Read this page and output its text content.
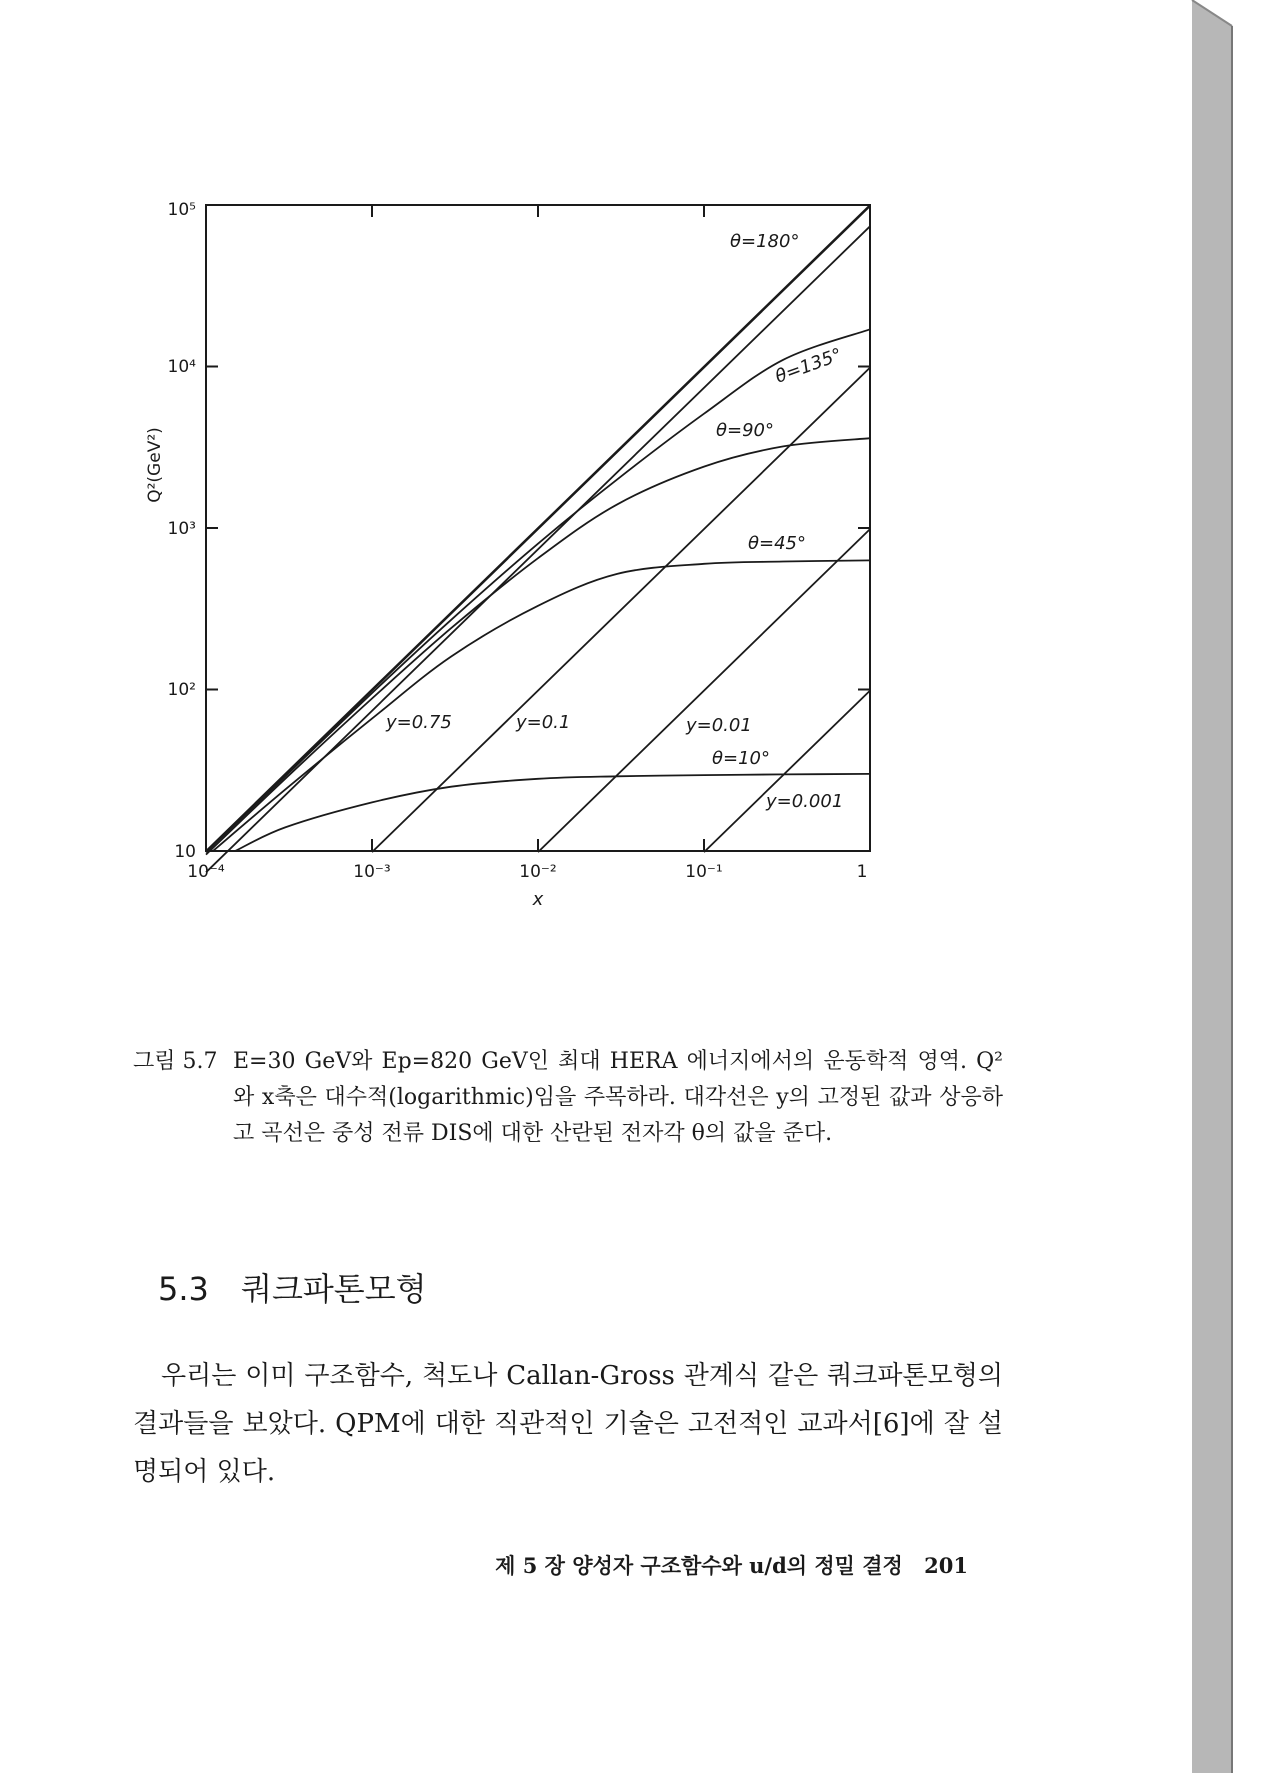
10
10²
10³
10⁴
10⁵
10⁻⁴	10⁻³	10⁻²	10⁻¹	1
x
Q²(GeV²)
θ=180°
θ=135°
θ=90°
θ=45°
θ=10°
y=0.75	y=0.1	y=0.01
y=0.001
그림 5.7 E=30 GeV와 Ep=820 GeV인 최대 HERA 에너지에서의 운동학적 영역. Q²와 x축은 대수적(logarithmic)임을 주목하라. 대각선은 y의 고정된 값과 상응하고 곡선은 중성 전류 DIS에 대한 산란된 전자각 θ의 값을 준다.
5.3 쿼크파톤모형
우리는 이미 구조함수, 척도나 Callan-Gross 관계식 같은 쿼크파톤모형의 결과들을 보았다. QPM에 대한 직관적인 기술은 고전적인 교과서[6]에 잘 설명되어 있다.
제 5 장 양성자 구조함수와 u/d의 정밀 결정 201
